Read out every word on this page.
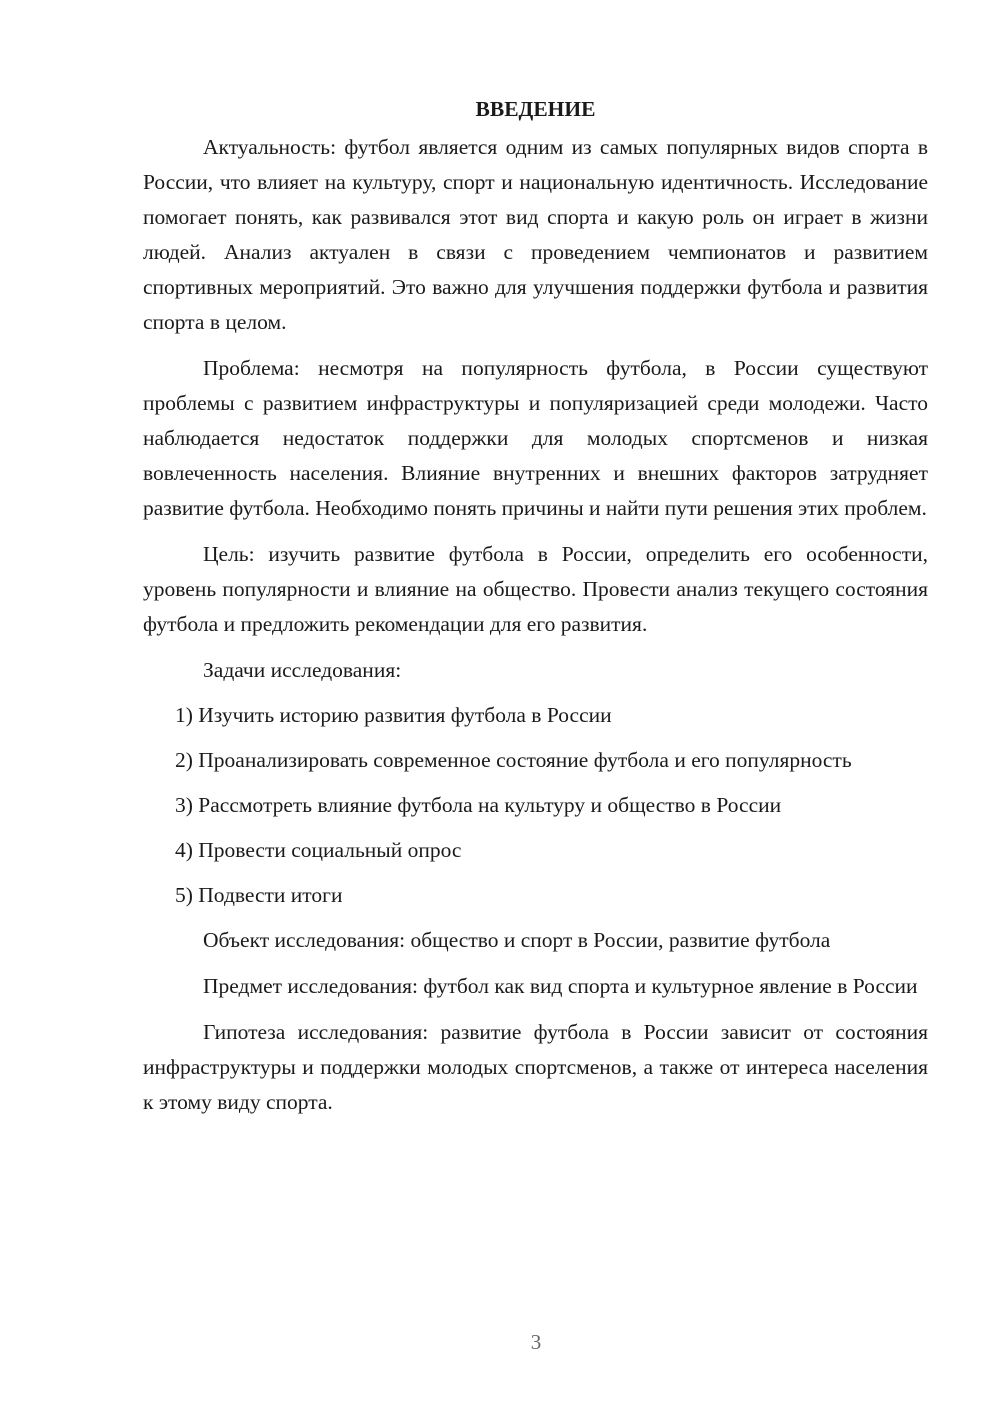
ВВЕДЕНИЕ

Актуальность: футбол является одним из самых популярных видов спорта в России, что влияет на культуру, спорт и национальную идентичность. Исследование помогает понять, как развивался этот вид спорта и какую роль он играет в жизни людей. Анализ актуален в связи с проведением чемпионатов и развитием спортивных мероприятий. Это важно для улучшения поддержки футбола и развития спорта в целом.

Проблема: несмотря на популярность футбола, в России существуют проблемы с развитием инфраструктуры и популяризацией среди молодежи. Часто наблюдается недостаток поддержки для молодых спортсменов и низкая вовлеченность населения. Влияние внутренних и внешних факторов затрудняет развитие футбола. Необходимо понять причины и найти пути решения этих проблем.

Цель: изучить развитие футбола в России, определить его особенности, уровень популярности и влияние на общество. Провести анализ текущего состояния футбола и предложить рекомендации для его развития.

Задачи исследования:

1) Изучить историю развития футбола в России

2) Проанализировать современное состояние футбола и его популярность

3) Рассмотреть влияние футбола на культуру и общество в России

4) Провести социальный опрос

5) Подвести итоги

Объект исследования: общество и спорт в России, развитие футбола

Предмет исследования: футбол как вид спорта и культурное явление в России

Гипотеза исследования: развитие футбола в России зависит от состояния инфраструктуры и поддержки молодых спортсменов, а также от интереса населения к этому виду спорта.

3
